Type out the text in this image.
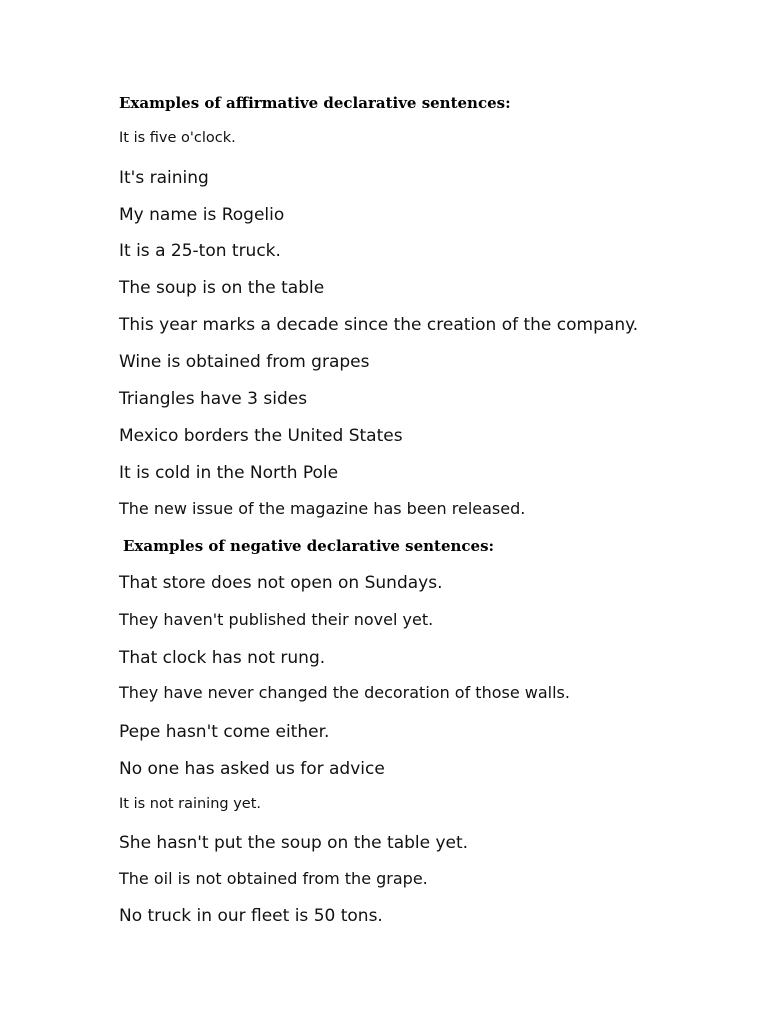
Examples of affirmative declarative sentences:
It is five o'clock.
It's raining
My name is Rogelio
It is a 25-ton truck.
The soup is on the table
This year marks a decade since the creation of the company.
Wine is obtained from grapes
Triangles have 3 sides
Mexico borders the United States
It is cold in the North Pole
The new issue of the magazine has been released.
Examples of negative declarative sentences:
That store does not open on Sundays.
They haven't published their novel yet.
That clock has not rung.
They have never changed the decoration of those walls.
Pepe hasn't come either.
No one has asked us for advice
It is not raining yet.
She hasn't put the soup on the table yet.
The oil is not obtained from the grape.
No truck in our fleet is 50 tons.
